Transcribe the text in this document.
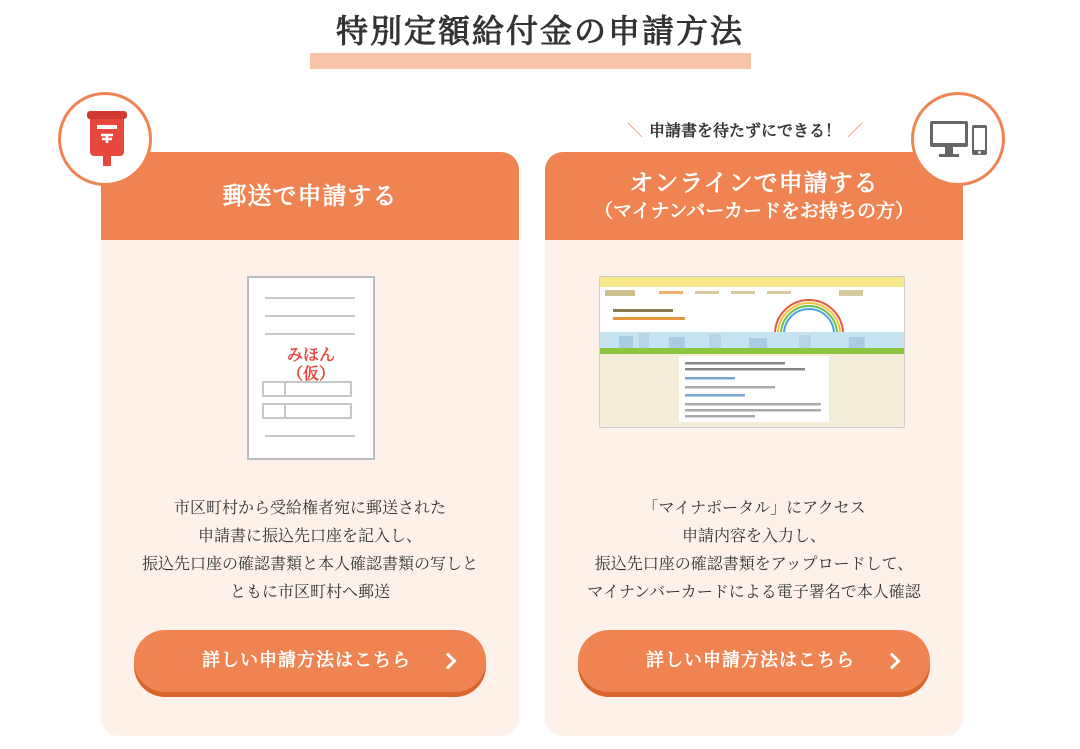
特別定額給付金の申請方法
＼ 申請書を待たずにできる！ ／
郵送で申請する
みほん
（仮）
市区町村から受給権者宛に郵送された
申請書に振込先口座を記入し、
振込先口座の確認書類と本人確認書類の写しと
ともに市区町村へ郵送
詳しい申請方法はこちら
オンラインで申請する
（マイナンバーカードをお持ちの方）
「マイナポータル」にアクセス
申請内容を入力し、
振込先口座の確認書類をアップロードして、
マイナンバーカードによる電子署名で本人確認
詳しい申請方法はこちら
